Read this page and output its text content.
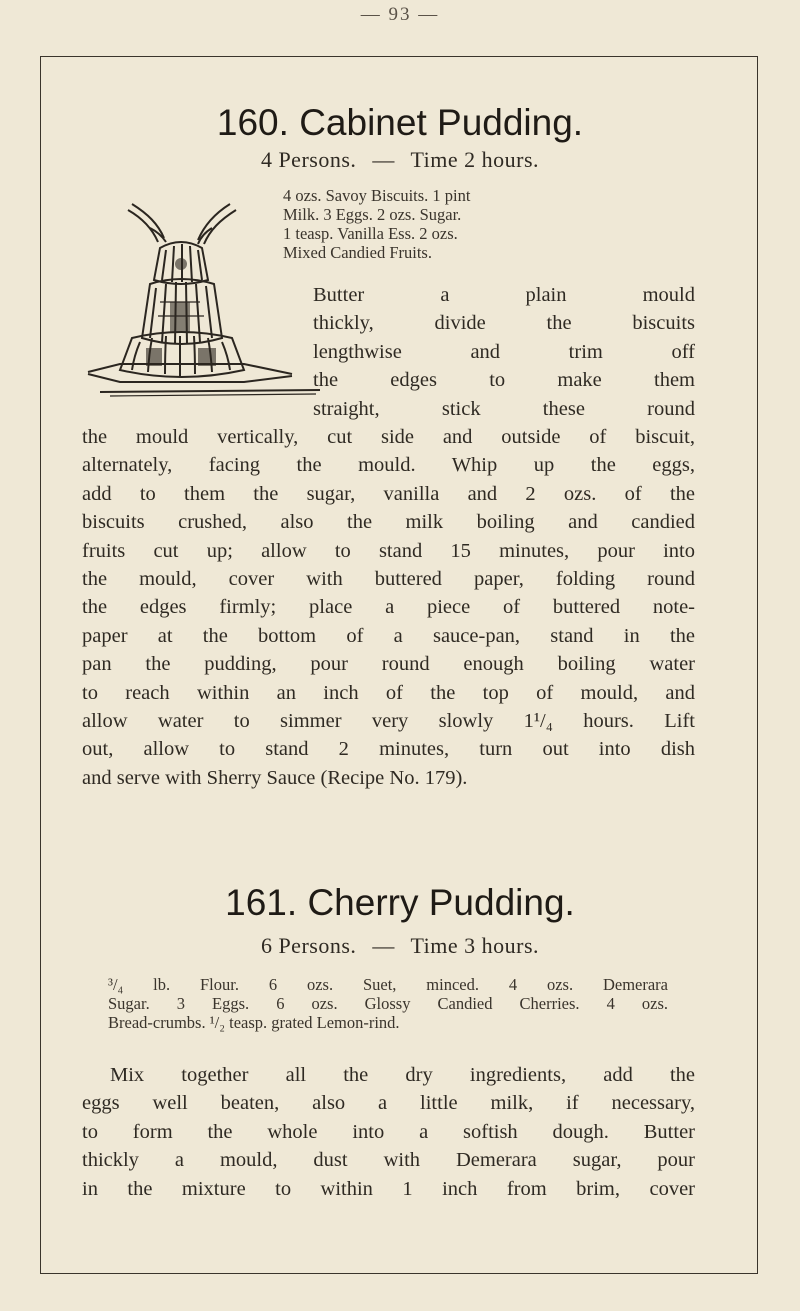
— 93 —
160. Cabinet Pudding.
4 Persons. — Time 2 hours.
4 ozs. Savoy Biscuits. 1 pint
Milk. 3 Eggs. 2 ozs. Sugar.
1 teasp. Vanilla Ess. 2 ozs.
Mixed Candied Fruits.
Butter a plain mould
thickly, divide the biscuits
lengthwise and trim off
the edges to make them
straight, stick these round
the mould vertically, cut side and outside of biscuit,
alternately, facing the mould. Whip up the eggs,
add to them the sugar, vanilla and 2 ozs. of the
biscuits crushed, also the milk boiling and candied
fruits cut up; allow to stand 15 minutes, pour into
the mould, cover with buttered paper, folding round
the edges firmly; place a piece of buttered note-
paper at the bottom of a sauce-pan, stand in the
pan the pudding, pour round enough boiling water
to reach within an inch of the top of mould, and
allow water to simmer very slowly 1¹/₄ hours. Lift
out, allow to stand 2 minutes, turn out into dish
and serve with Sherry Sauce (Recipe No. 179).
161. Cherry Pudding.
6 Persons. — Time 3 hours.
³/₄ lb. Flour. 6 ozs. Suet, minced. 4 ozs. Demerara
Sugar. 3 Eggs. 6 ozs. Glossy Candied Cherries. 4 ozs.
Bread-crumbs. ¹/₂ teasp. grated Lemon-rind.
Mix together all the dry ingredients, add the
eggs well beaten, also a little milk, if necessary,
to form the whole into a softish dough. Butter
thickly a mould, dust with Demerara sugar, pour
in the mixture to within 1 inch from brim, cover
